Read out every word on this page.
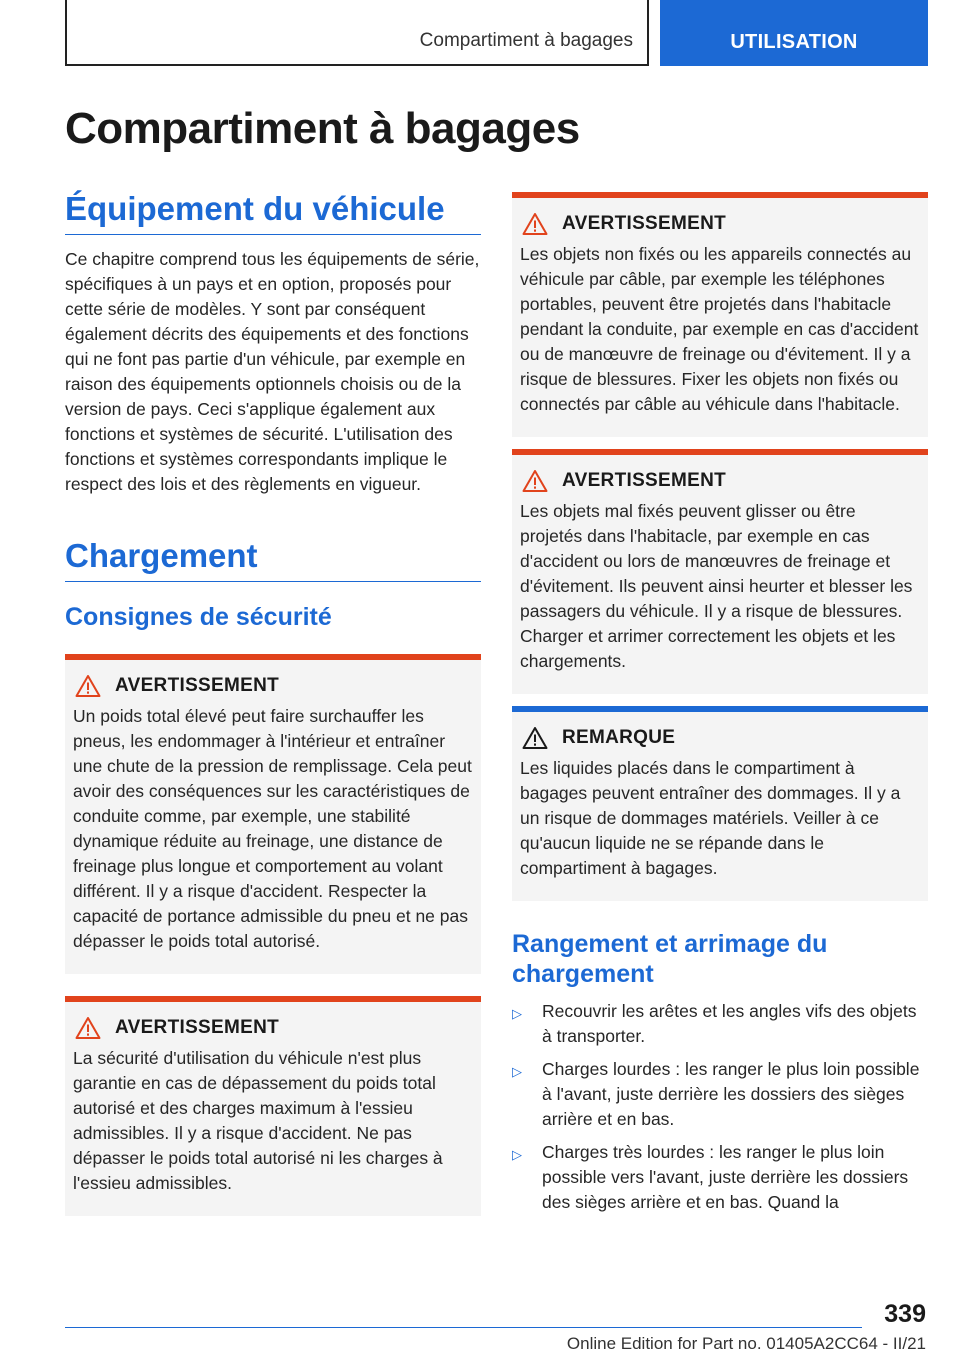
Compartiment à bagages	UTILISATION
Compartiment à bagages
Équipement du véhicule

Ce chapitre comprend tous les équipements de série, spécifiques à un pays et en option, proposés pour cette série de modèles. Y sont par conséquent également décrits des équipements et des fonctions qui ne font pas partie d'un véhicule, par exemple en raison des équipements optionnels choisis ou de la version de pays. Ceci s'applique également aux fonctions et systèmes de sécurité. L'utilisation des fonctions et systèmes correspondants implique le respect des lois et des règlements en vigueur.

Chargement
Consignes de sécurité
AVERTISSEMENT

Un poids total élevé peut faire surchauffer les pneus, les endommager à l'intérieur et entraîner une chute de la pression de remplissage. Cela peut avoir des conséquences sur les caractéristiques de conduite comme, par exemple, une stabilité dynamique réduite au freinage, une distance de freinage plus longue et comportement au volant différent. Il y a risque d'accident. Respecter la capacité de portance admissible du pneu et ne pas dépasser le poids total autorisé.

AVERTISSEMENT

La sécurité d'utilisation du véhicule n'est plus garantie en cas de dépassement du poids total autorisé et des charges maximum à l'essieu admissibles. Il y a risque d'accident. Ne pas dépasser le poids total autorisé ni les charges à l'essieu admissibles.

AVERTISSEMENT

Les objets non fixés ou les appareils connectés au véhicule par câble, par exemple les téléphones portables, peuvent être projetés dans l'habitacle pendant la conduite, par exemple en cas d'accident ou de manœuvre de freinage ou d'évitement. Il y a risque de blessures. Fixer les objets non fixés ou connectés par câble au véhicule dans l'habitacle.

AVERTISSEMENT

Les objets mal fixés peuvent glisser ou être projetés dans l'habitacle, par exemple en cas d'accident ou lors de manœuvres de freinage et d'évitement. Ils peuvent ainsi heurter et blesser les passagers du véhicule. Il y a risque de blessures. Charger et arrimer correctement les objets et les chargements.

REMARQUE

Les liquides placés dans le compartiment à bagages peuvent entraîner des dommages. Il y a un risque de dommages matériels. Veiller à ce qu'aucun liquide ne se répande dans le compartiment à bagages.

Rangement et arrimage du chargement
▷	Recouvrir les arêtes et les angles vifs des objets à transporter.
▷	Charges lourdes : les ranger le plus loin possible à l'avant, juste derrière les dossiers des sièges arrière et en bas.
▷	Charges très lourdes : les ranger le plus loin possible vers l'avant, juste derrière les dossiers des sièges arrière et en bas. Quand la
339
Online Edition for Part no. 01405A2CC64 - II/21
